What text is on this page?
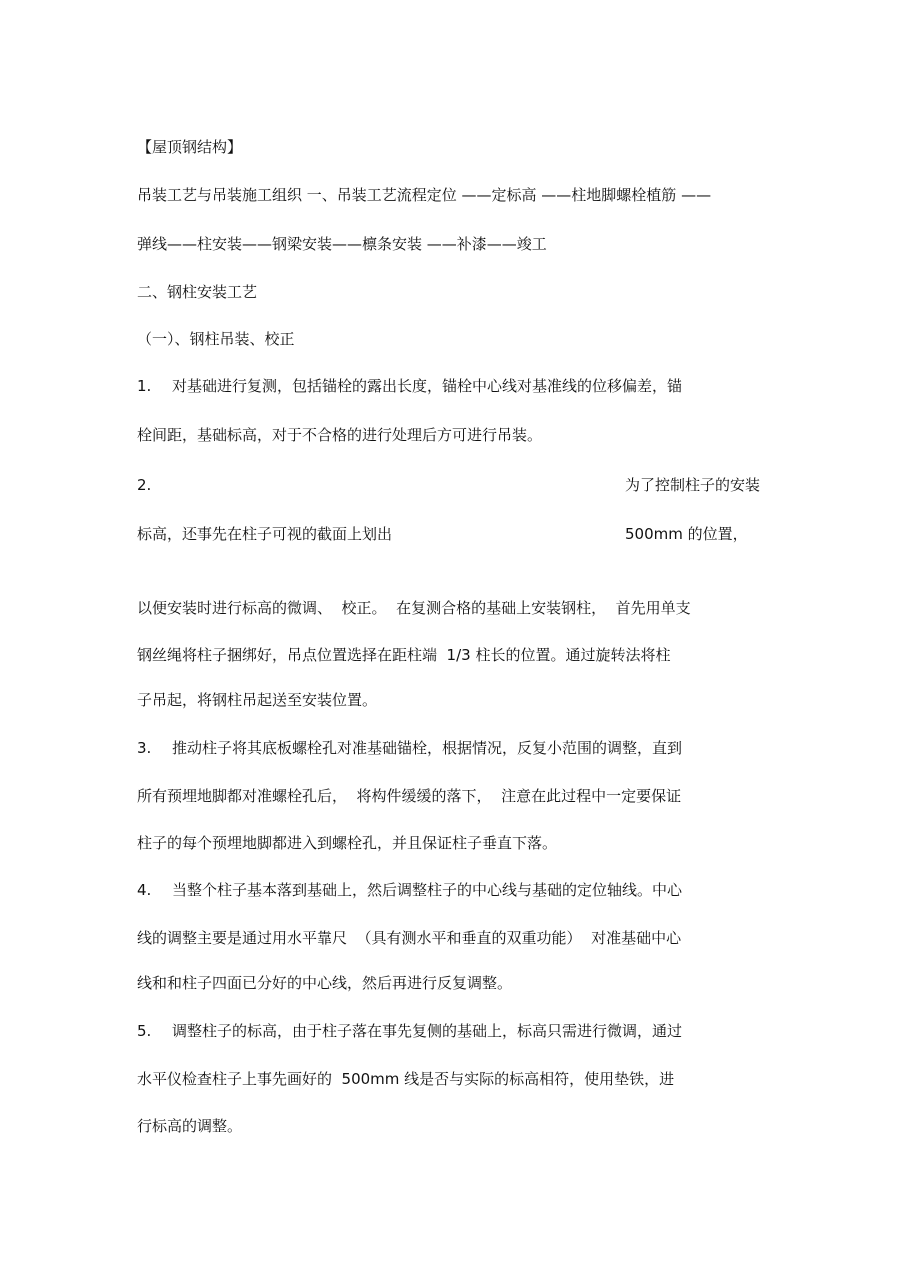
【屋顶钢结构】

吊装工艺与吊装施工组织 一、吊装工艺流程定位 ——定标高 ——柱地脚螺栓植筋 ——

弹线——柱安装——钢梁安装——檩条安装 ——补漆——竣工

二、钢柱安装工艺

（一）、钢柱吊装、校正

1. 对基础进行复测，包括锚栓的露出长度，锚栓中心线对基准线的位移偏差，锚

栓间距，基础标高，对于不合格的进行处理后方可进行吊装。

2.	为了控制柱子的安装

标高，还事先在柱子可视的截面上划出	500mm 的位置，

以便安装时进行标高的微调、  校正。  在复测合格的基础上安装钢柱，  首先用单支

钢丝绳将柱子捆绑好，吊点位置选择在距柱端  1/3 柱长的位置。通过旋转法将柱

子吊起，将钢柱吊起送至安装位置。

3. 推动柱子将其底板螺栓孔对准基础锚栓，根据情况，反复小范围的调整，直到

所有预埋地脚都对准螺栓孔后，  将构件缓缓的落下，  注意在此过程中一定要保证

柱子的每个预埋地脚都进入到螺栓孔，并且保证柱子垂直下落。

4. 当整个柱子基本落到基础上，然后调整柱子的中心线与基础的定位轴线。中心

线的调整主要是通过用水平靠尺  （具有测水平和垂直的双重功能）  对准基础中心

线和和柱子四面已分好的中心线，然后再进行反复调整。

5. 调整柱子的标高，由于柱子落在事先复侧的基础上，标高只需进行微调，通过

水平仪检查柱子上事先画好的  500mm 线是否与实际的标高相符，使用垫铁，进

行标高的调整。
